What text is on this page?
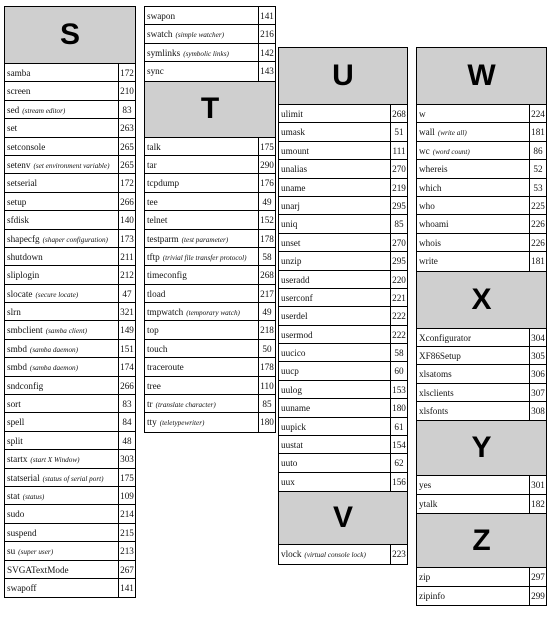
S
samba	172
screen	210
sed (stream editor)	83
set	263
setconsole	265
setenv (set environment variable)	265
setserial	172
setup	266
sfdisk	140
shapecfg (shaper configuration)	173
shutdown	211
sliplogin	212
slocate (secure locate)	47
slrn	321
smbclient (samba client)	149
smbd (samba daemon)	151
smbd (samba daemon)	174
sndconfig	266
sort	83
spell	84
split	48
startx (start X Window)	303
statserial (status of serial port)	175
stat (status)	109
sudo	214
suspend	215
su (super user)	213
SVGATextMode	267
swapoff	141
swapon	141
swatch (simple watcher)	216
symlinks (symbolic links)	142
sync	143
T
talk	175
tar	290
tcpdump	176
tee	49
telnet	152
testparm (test parameter)	178
tftp (trivial file transfer protocol)	58
timeconfig	268
tload	217
tmpwatch (temporary watch)	49
top	218
touch	50
traceroute	178
tree	110
tr (translate character)	85
tty (teletypewriter)	180
U
ulimit	268
umask	51
umount	111
unalias	270
uname	219
unarj	295
uniq	85
unset	270
unzip	295
useradd	220
userconf	221
userdel	222
usermod	222
uucico	58
uucp	60
uulog	153
uuname	180
uupick	61
uustat	154
uuto	62
uux	156
V
vlock (virtual console lock)	223
W
w	224
wall (write all)	181
wc (word count)	86
whereis	52
which	53
who	225
whoami	226
whois	226
write	181
X
Xconfigurator	304
XF86Setup	305
xlsatoms	306
xlsclients	307
xlsfonts	308
Y
yes	301
ytalk	182
Z
zip	297
zipinfo	299
